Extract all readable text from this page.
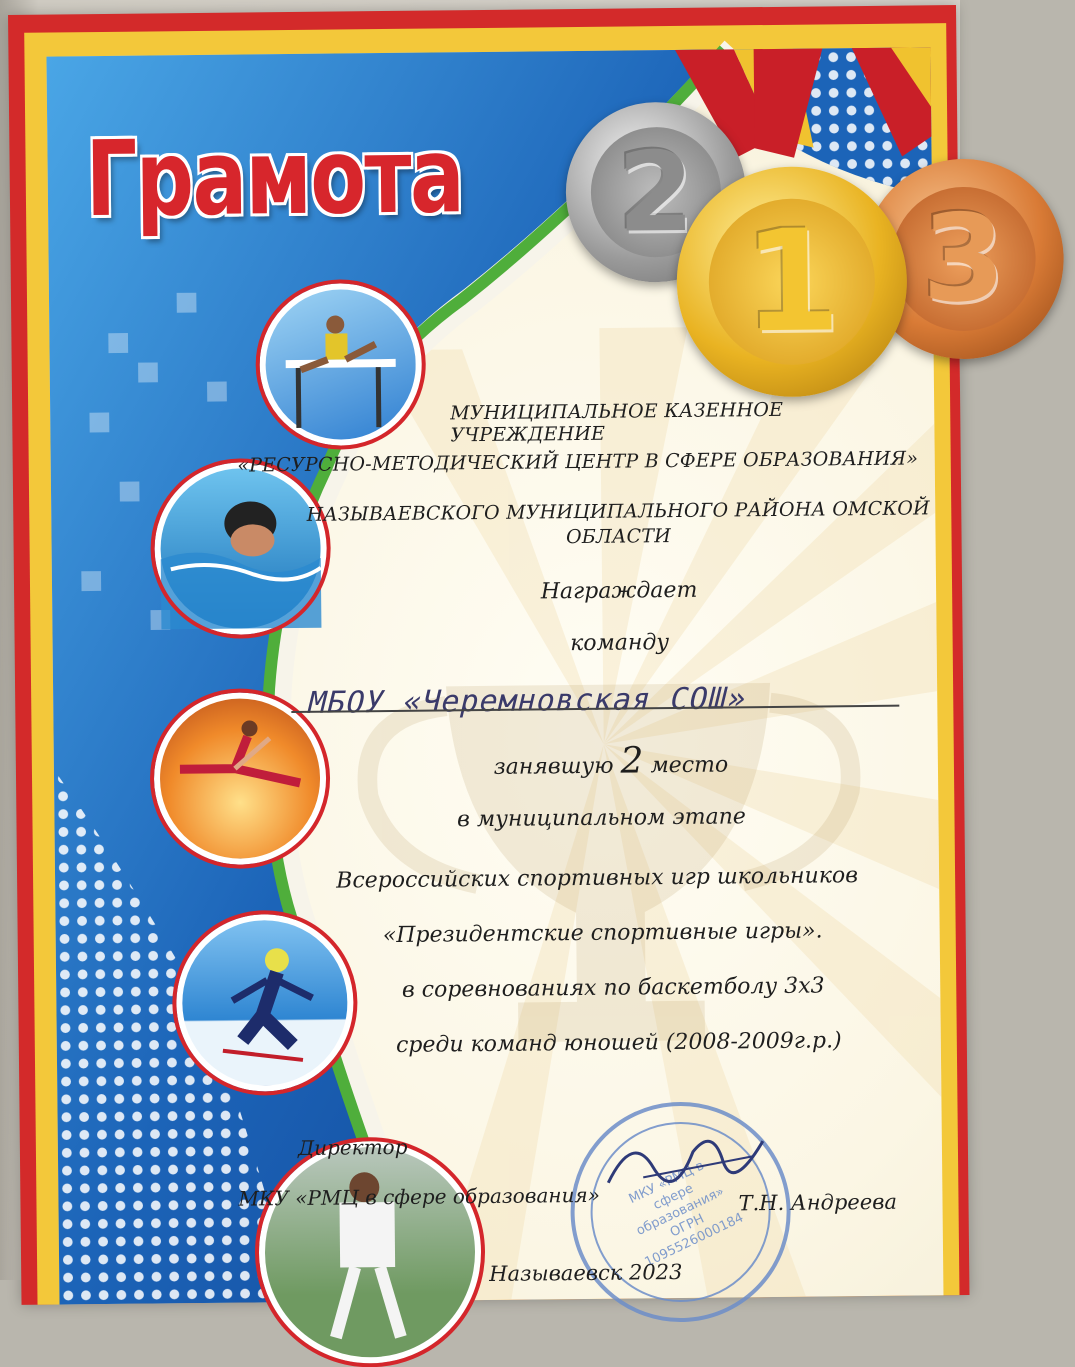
Грамота 2 3
1
МУНИЦИПАЛЬНОЕ КАЗЕННОЕ УЧРЕЖДЕНИЕ
«РЕСУРСНО-МЕТОДИЧЕСКИЙ ЦЕНТР В СФЕРЕ ОБРАЗОВАНИЯ»
НАЗЫВАЕВСКОГО МУНИЦИПАЛЬНОГО РАЙОНА ОМСКОЙ
ОБЛАСТИ
Награждает
команду
МБОУ «Черемновская СОШ»
занявшую 2 место
в муниципальном этапе
Всероссийских спортивных игр школьников
«Президентские спортивные игры».
в соревнованиях по баскетболу 3х3
среди команд юношей (2008-2009г.р.)
МКУ «РМЦ в сфере образования» ОГРН 1095526000184
Директор
МКУ «РМЦ в сфере образования»	Т.Н. Андреева
Называевск 2023
